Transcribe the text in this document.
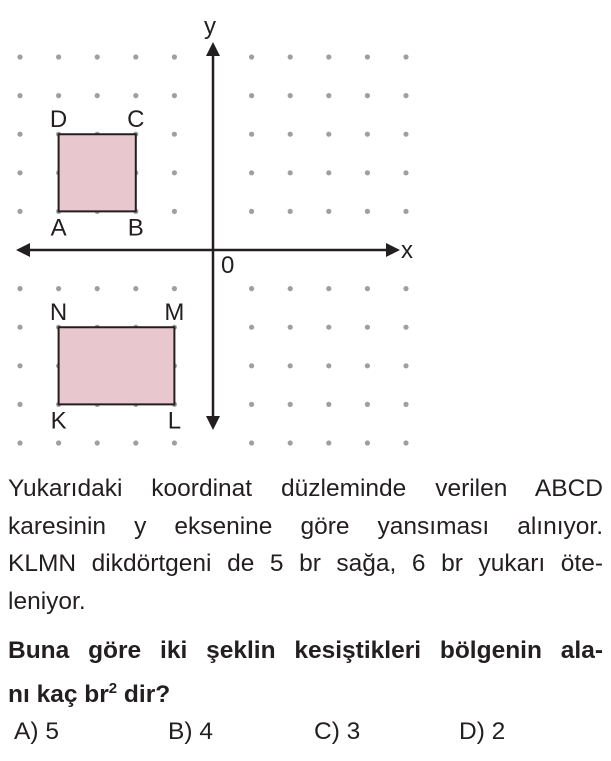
x
y
0
A	B
C
D
K	L
M
N
Yukarıdaki koordinat düzleminde verilen ABCD
karesinin y eksenine göre yansıması alınıyor.
KLMN dikdörtgeni de 5 br sağa, 6 br yukarı öte-
leniyor.
Buna göre iki şeklin kesiştikleri bölgenin ala-
nı kaç $br^2$ dir?
A) 5	B) 4	C) 3	D) 2
